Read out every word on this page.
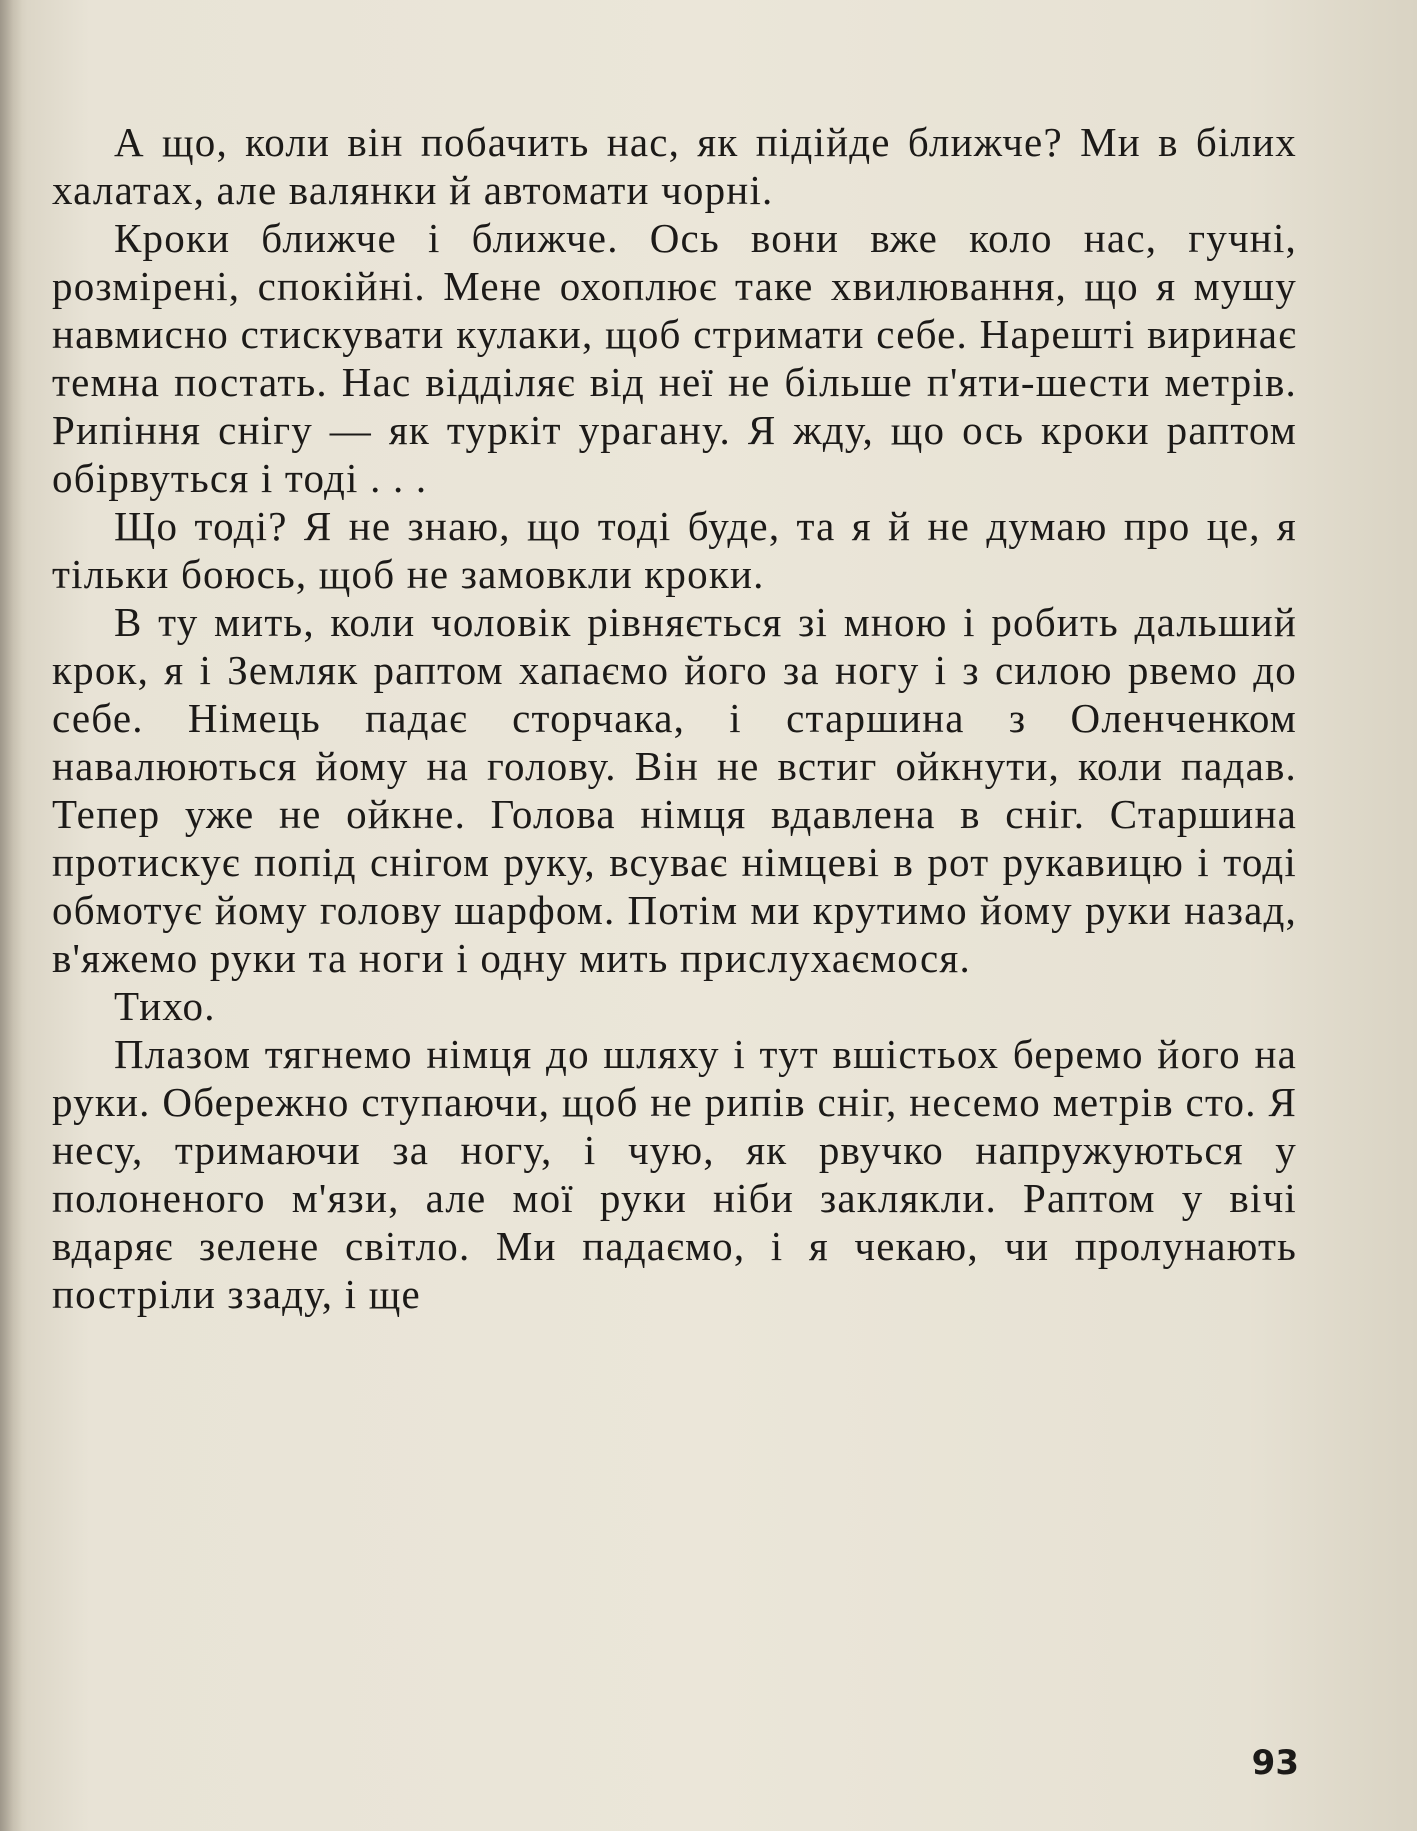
А що, коли він побачить нас, як підійде ближче? Ми в білих халатах, але валянки й автомати чорні.

Кроки ближче і ближче. Ось вони вже коло нас, гучні, розмірені, спокійні. Мене охоплює таке хвилювання, що я мушу навмисно стискувати кулаки, щоб стримати себе. Нарешті виринає темна постать. Нас відділяє від неї не більше п'яти-шести метрів. Рипіння снігу — як туркіт урагану. Я жду, що ось кроки раптом обірвуться і тоді . . .

Що тоді? Я не знаю, що тоді буде, та я й не думаю про це, я тільки боюсь, щоб не замовкли кроки.

В ту мить, коли чоловік рівняється зі мною і робить дальший крок, я і Земляк раптом хапаємо його за ногу і з силою рвемо до себе. Німець падає сторчака, і старшина з Оленченком навалюються йому на голову. Він не встиг ойкнути, коли падав. Тепер уже не ойкне. Голова німця вдавлена в сніг. Старшина протискує попід снігом руку, всуває німцеві в рот рукавицю і тоді обмотує йому голову шарфом. Потім ми крутимо йому руки назад, в'яжемо руки та ноги і одну мить прислухаємося.

Тихо.

Плазом тягнемо німця до шляху і тут вшістьох беремо його на руки. Обережно ступаючи, щоб не рипів сніг, несемо метрів сто. Я несу, тримаючи за ногу, і чую, як рвучко напружуються у полоненого м'язи, але мої руки ніби заклякли. Раптом у вічі вдаряє зелене світло. Ми падаємо, і я чекаю, чи пролунають постріли ззаду, і ще

93
